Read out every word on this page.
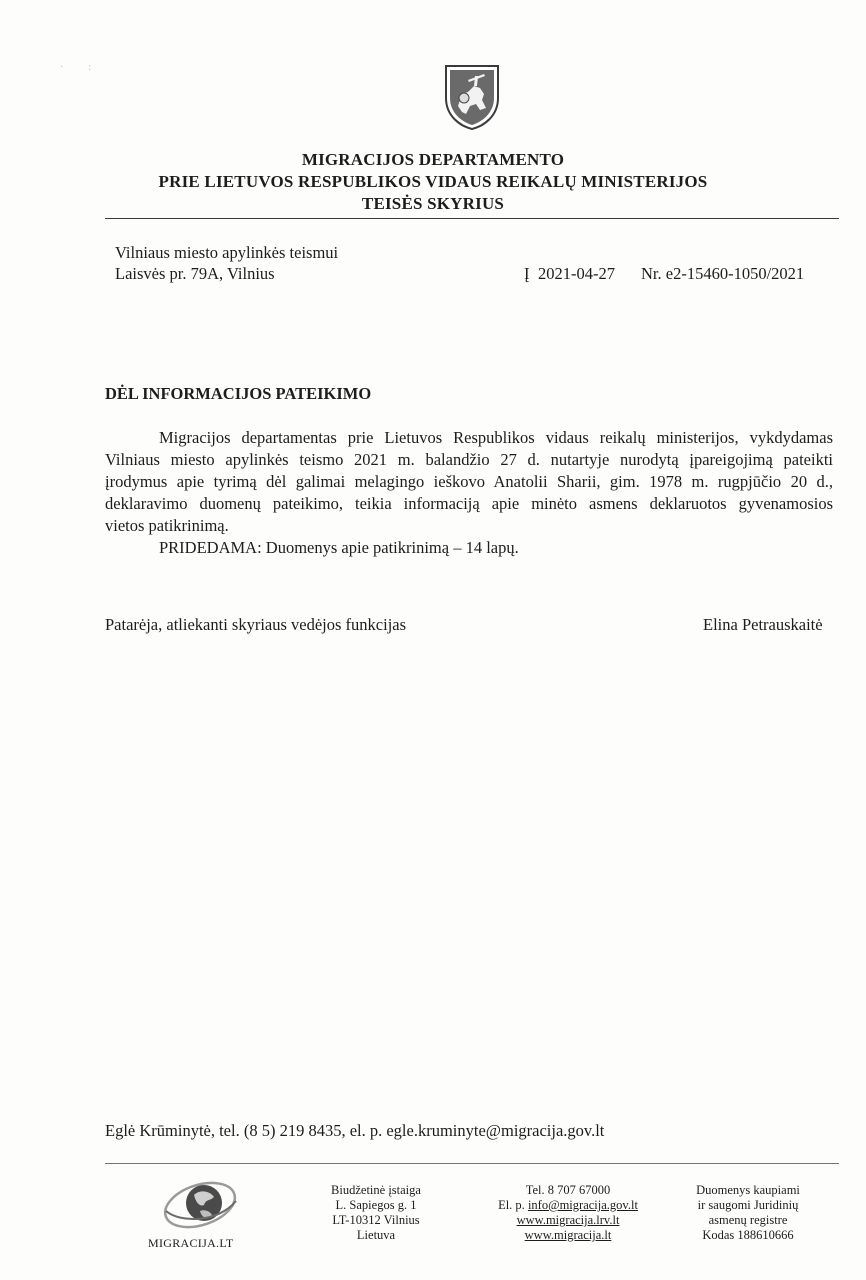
·          :
MIGRACIJOS DEPARTAMENTO
PRIE LIETUVOS RESPUBLIKOS VIDAUS REIKALŲ MINISTERIJOS
TEISĖS SKYRIUS
Vilniaus miesto apylinkės teismui
Laisvės pr. 79A, Vilnius	Į 2021-04-27 Nr. e2-15460-1050/2021
DĖL INFORMACIJOS PATEIKIMO
Migracijos departamentas prie Lietuvos Respublikos vidaus reikalų ministerijos, vykdydamas
Vilniaus miesto apylinkės teismo 2021 m. balandžio 27 d. nutartyje nurodytą įpareigojimą pateikti
įrodymus apie tyrimą dėl galimai melagingo ieškovo Anatolii Sharii, gim. 1978 m. rugpjūčio 20 d.,
deklaravimo duomenų pateikimo, teikia informaciją apie minėto asmens deklaruotos gyvenamosios
vietos patikrinimą.
PRIDEDAMA: Duomenys apie patikrinimą – 14 lapų.
Patarėja, atliekanti skyriaus vedėjos funkcijas	Elina Petrauskaitė
Eglė Krūminytė, tel. (8 5) 219 8435, el. p. egle.kruminyte@migracija.gov.lt
MIGRACIJA.LT
Biudžetinė įstaiga
L. Sapiegos g. 1
LT-10312 Vilnius
Lietuva
Tel. 8 707 67000
El. p. info@migracija.gov.lt
www.migracija.lrv.lt
www.migracija.lt
Duomenys kaupiami
ir saugomi Juridinių
asmenų registre
Kodas 188610666
